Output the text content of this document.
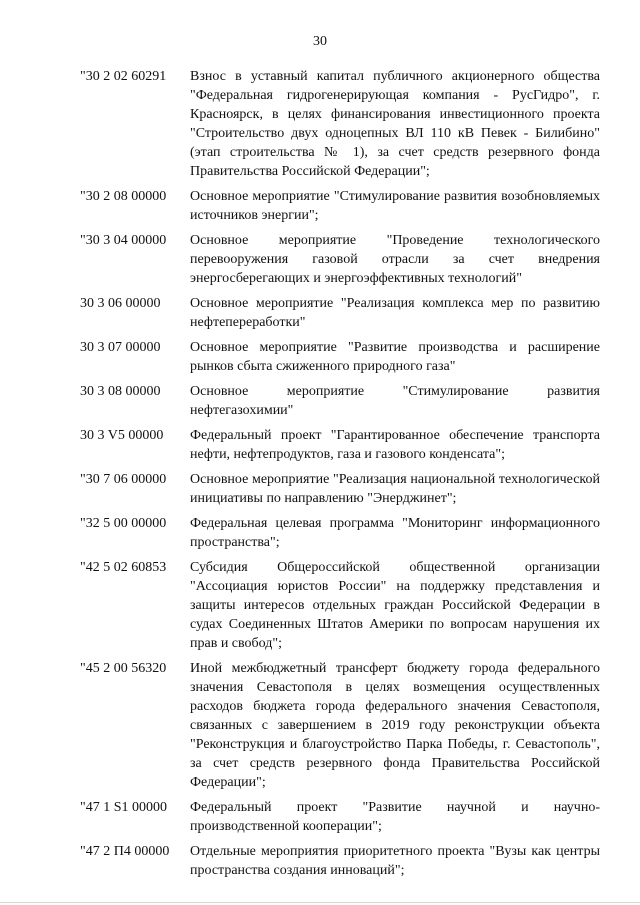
30
"30 2 02 60291	Взнос в уставный капитал публичного акционерного общества "Федеральная гидрогенерирующая компания - РусГидро", г. Красноярск, в целях финансирования инвестиционного проекта "Строительство двух одноцепных ВЛ 110 кВ Певек - Билибино" (этап строительства № 1), за счет средств резервного фонда Правительства Российской Федерации";
"30 2 08 00000	Основное мероприятие "Стимулирование развития возобновляемых источников энергии";
"30 3 04 00000	Основное мероприятие "Проведение технологического перевооружения газовой отрасли за счет внедрения энергосберегающих и энергоэффективных технологий"
30 3 06 00000	Основное мероприятие "Реализация комплекса мер по развитию нефтепереработки"
30 3 07 00000	Основное мероприятие "Развитие производства и расширение рынков сбыта сжиженного природного газа"
30 3 08 00000	Основное мероприятие "Стимулирование развития нефтегазохимии"
30 3 V5 00000	Федеральный проект "Гарантированное обеспечение транспорта нефти, нефтепродуктов, газа и газового конденсата";
"30 7 06 00000	Основное мероприятие "Реализация национальной технологической инициативы по направлению "Энерджинет";
"32 5 00 00000	Федеральная целевая программа "Мониторинг информационного пространства";
"42 5 02 60853	Субсидия Общероссийской общественной организации "Ассоциация юристов России" на поддержку представления и защиты интересов отдельных граждан Российской Федерации в судах Соединенных Штатов Америки по вопросам нарушения их прав и свобод";
"45 2 00 56320	Иной межбюджетный трансферт бюджету города федерального значения Севастополя в целях возмещения осуществленных расходов бюджета города федерального значения Севастополя, связанных с завершением в 2019 году реконструкции объекта "Реконструкция и благоустройство Парка Победы, г. Севастополь", за счет средств резервного фонда Правительства Российской Федерации";
"47 1 S1 00000	Федеральный проект "Развитие научной и научно-производственной кооперации";
"47 2 П4 00000	Отдельные мероприятия приоритетного проекта "Вузы как центры пространства создания инноваций";
